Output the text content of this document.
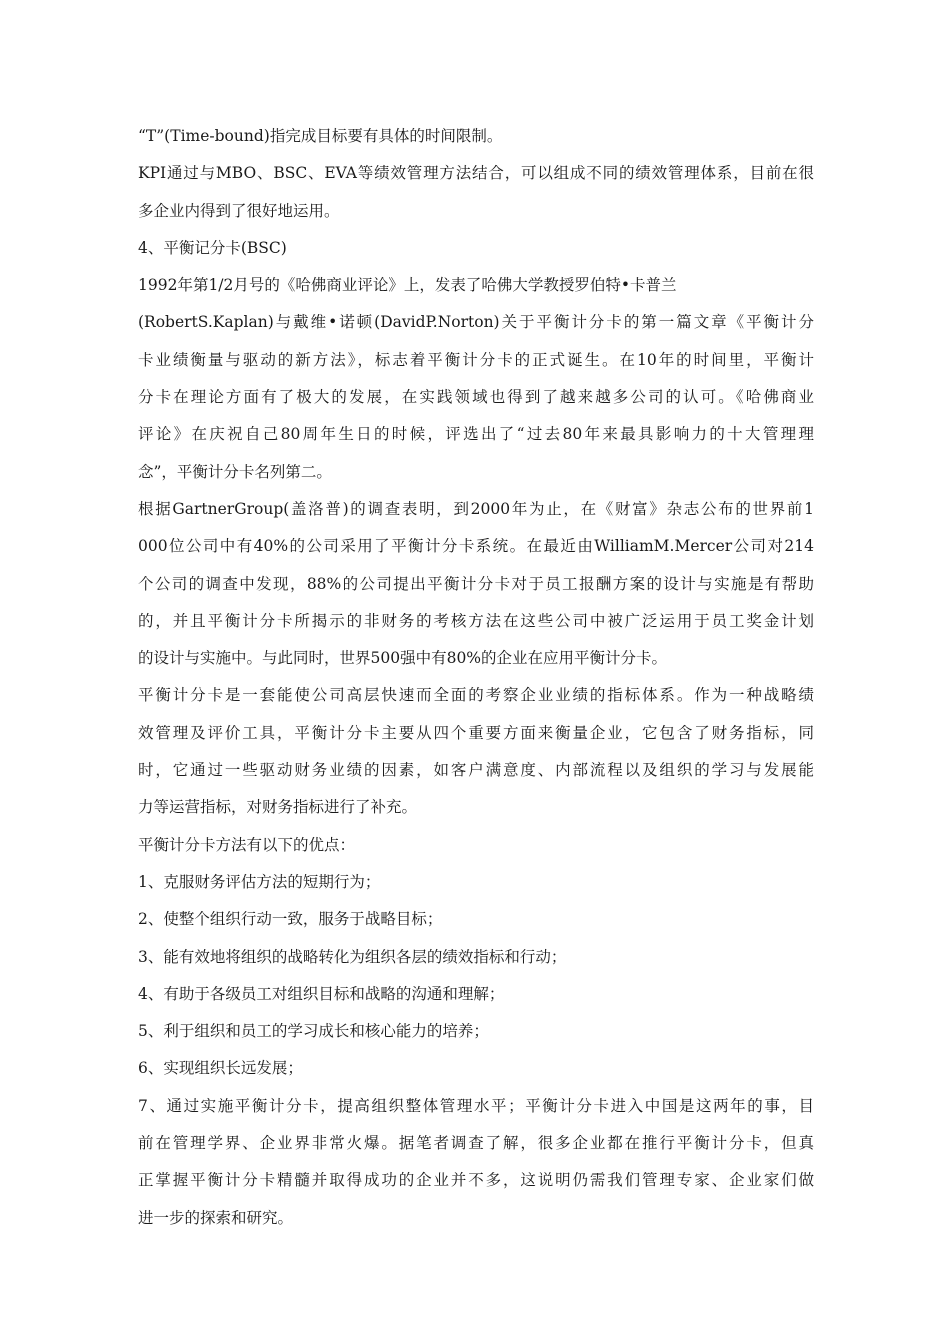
“T”(Time-bound)指完成目标要有具体的时间限制。
KPI通过与MBO、BSC、EVA等绩效管理方法结合，可以组成不同的绩效管理体系，目前在很
多企业内得到了很好地运用。
4、平衡记分卡(BSC)
1992年第1/2月号的《哈佛商业评论》上，发表了哈佛大学教授罗伯特•卡普兰
(RobertS.Kaplan)与戴维•诺顿(DavidP.Norton)关于平衡计分卡的第一篇文章《平衡计分
卡业绩衡量与驱动的新方法》，标志着平衡计分卡的正式诞生。在10年的时间里，平衡计
分卡在理论方面有了极大的发展，在实践领域也得到了越来越多公司的认可。《哈佛商业
评论》在庆祝自己80周年生日的时候，评选出了“过去80年来最具影响力的十大管理理
念”，平衡计分卡名列第二。
根据GartnerGroup(盖洛普)的调查表明，到2000年为止，在《财富》杂志公布的世界前1
000位公司中有40%的公司采用了平衡计分卡系统。在最近由WilliamM.Mercer公司对214
个公司的调查中发现，88%的公司提出平衡计分卡对于员工报酬方案的设计与实施是有帮助
的，并且平衡计分卡所揭示的非财务的考核方法在这些公司中被广泛运用于员工奖金计划
的设计与实施中。与此同时，世界500强中有80%的企业在应用平衡计分卡。
平衡计分卡是一套能使公司高层快速而全面的考察企业业绩的指标体系。作为一种战略绩
效管理及评价工具，平衡计分卡主要从四个重要方面来衡量企业，它包含了财务指标，同
时，它通过一些驱动财务业绩的因素，如客户满意度、内部流程以及组织的学习与发展能
力等运营指标，对财务指标进行了补充。
平衡计分卡方法有以下的优点：
1、克服财务评估方法的短期行为；
2、使整个组织行动一致，服务于战略目标；
3、能有效地将组织的战略转化为组织各层的绩效指标和行动；
4、有助于各级员工对组织目标和战略的沟通和理解；
5、利于组织和员工的学习成长和核心能力的培养；
6、实现组织长远发展；
7、通过实施平衡计分卡，提高组织整体管理水平；平衡计分卡进入中国是这两年的事，目
前在管理学界、企业界非常火爆。据笔者调查了解，很多企业都在推行平衡计分卡，但真
正掌握平衡计分卡精髓并取得成功的企业并不多，这说明仍需我们管理专家、企业家们做
进一步的探索和研究。
